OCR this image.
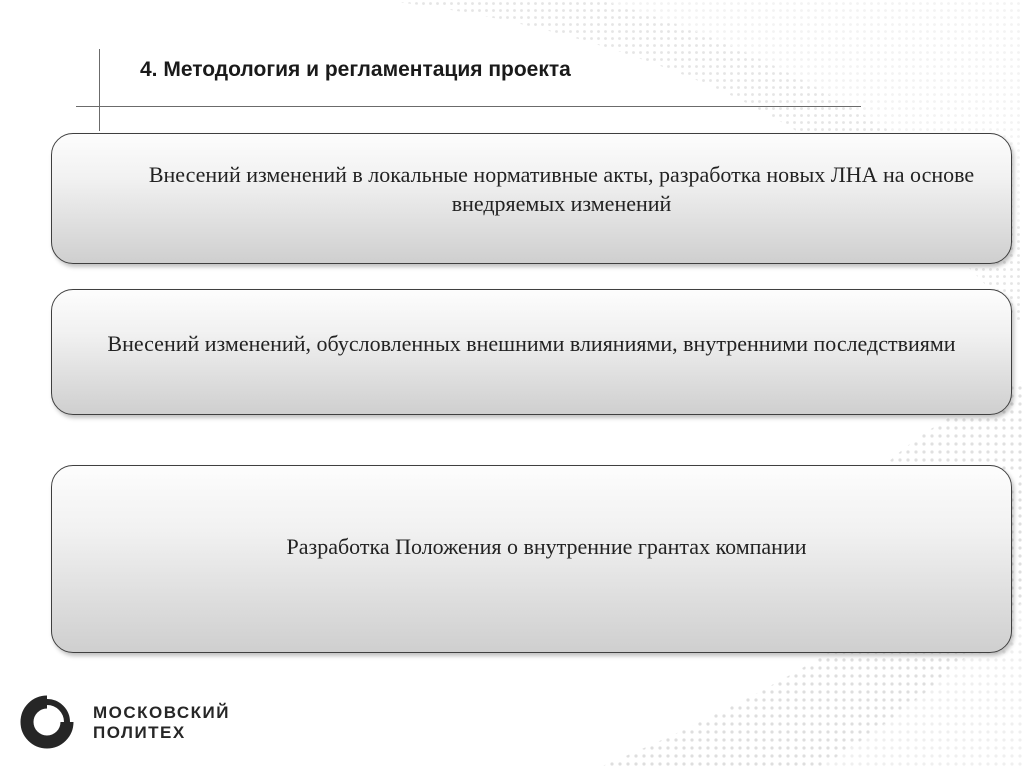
4. Методология и регламентация проекта
Внесений изменений в локальные нормативные акты, разработка новых ЛНА на основе внедряемых изменений
Внесений изменений, обусловленных внешними влияниями, внутренними последствиями
Разработка Положения о внутренние грантах компании
МОСКОВСКИЙ
ПОЛИТЕХ
